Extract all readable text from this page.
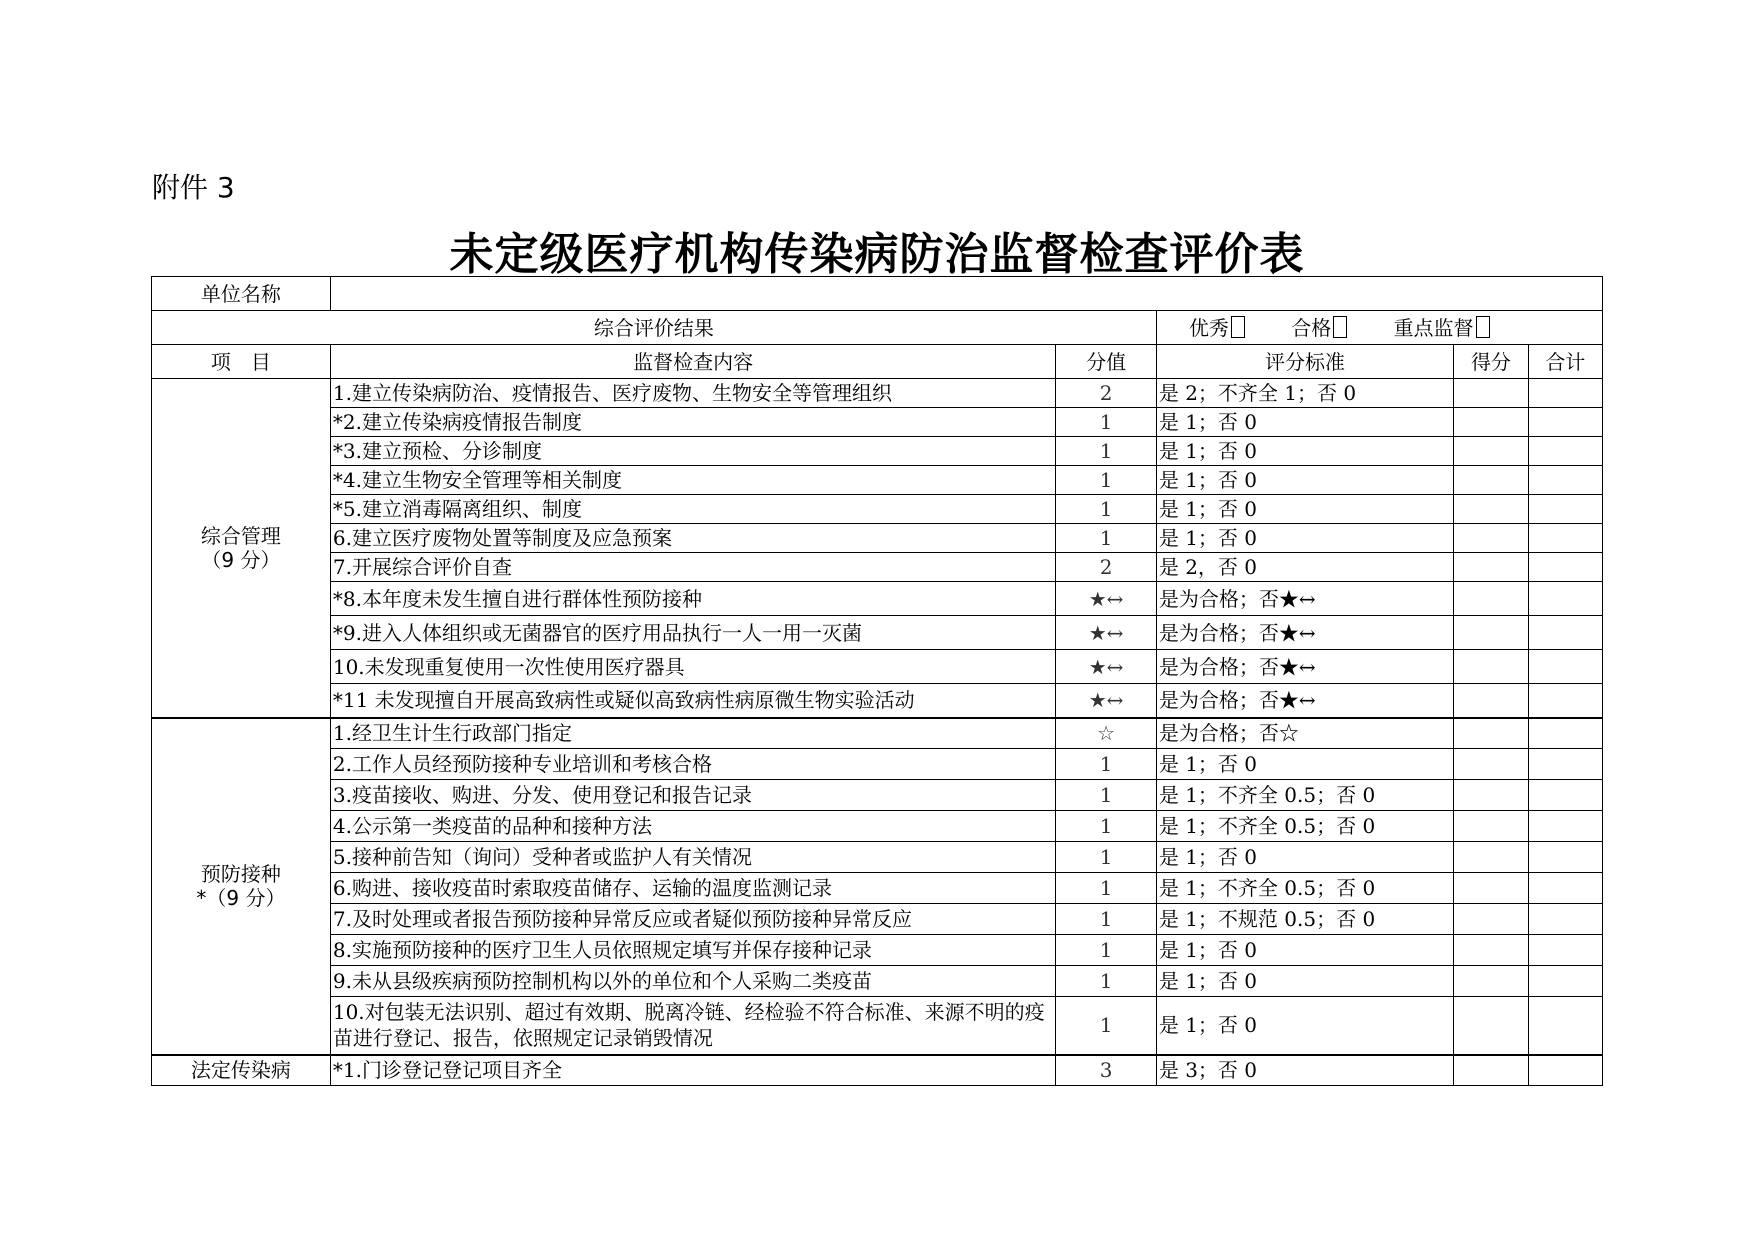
附件 3
未定级医疗机构传染病防治监督检查评价表
单位名称					
综合评价结果			优秀 合格 重点监督		
项　目	监督检查内容	分值	评分标准	得分	合计

综合管理
（9 分）	1.建立传染病防治、疫情报告、医疗废物、生物安全等管理组织	2	是 2；不齐全 1；否 0		
	*2.建立传染病疫情报告制度	1	是 1；否 0		
	*3.建立预检、分诊制度	1	是 1；否 0		
	*4.建立生物安全管理等相关制度	1	是 1；否 0		
	*5.建立消毒隔离组织、制度	1	是 1；否 0		
	6.建立医疗废物处置等制度及应急预案	1	是 1；否 0		
	7.开展综合评价自查	2	是 2，否 0		
	*8.本年度未发生擅自进行群体性预防接种	★↔	是为合格；否★↔		
	*9.进入人体组织或无菌器官的医疗用品执行一人一用一灭菌	★↔	是为合格；否★↔		
	10.未发现重复使用一次性使用医疗器具	★↔	是为合格；否★↔		
	*11 未发现擅自开展高致病性或疑似高致病性病原微生物实验活动	★↔	是为合格；否★↔		

预防接种
*（9 分）	1.经卫生计生行政部门指定	☆	是为合格；否☆		
	2.工作人员经预防接种专业培训和考核合格	1	是 1；否 0		
	3.疫苗接收、购进、分发、使用登记和报告记录	1	是 1；不齐全 0.5；否 0		
	4.公示第一类疫苗的品种和接种方法	1	是 1；不齐全 0.5；否 0		
	5.接种前告知（询问）受种者或监护人有关情况	1	是 1；否 0		
	6.购进、接收疫苗时索取疫苗储存、运输的温度监测记录	1	是 1；不齐全 0.5；否 0		
	7.及时处理或者报告预防接种异常反应或者疑似预防接种异常反应	1	是 1；不规范 0.5；否 0		
	8.实施预防接种的医疗卫生人员依照规定填写并保存接种记录	1	是 1；否 0		
	9.未从县级疾病预防控制机构以外的单位和个人采购二类疫苗	1	是 1；否 0		
	10.对包装无法识别、超过有效期、脱离冷链、经检验不符合标准、来源不明的疫苗进行登记、报告，依照规定记录销毁情况	1	是 1；否 0		

法定传染病	*1.门诊登记登记项目齐全	3	是 3；否 0		
